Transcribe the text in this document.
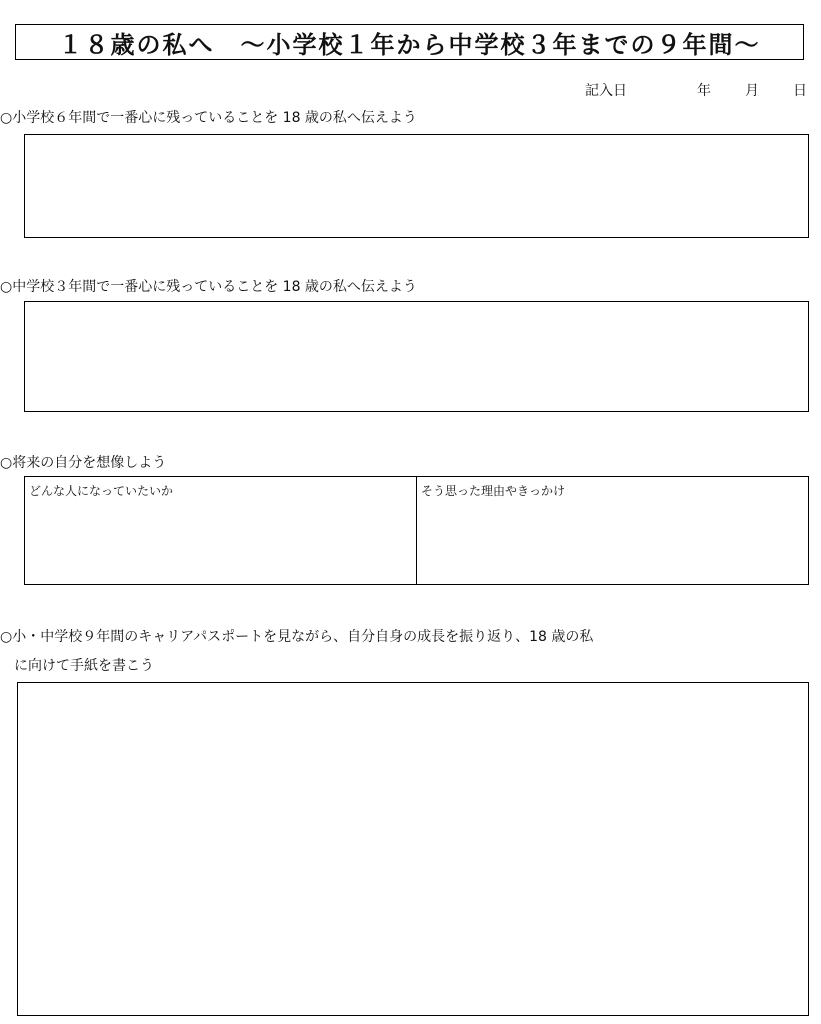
１８歳の私へ　～小学校１年から中学校３年までの９年間～
記入日	年 月 日
○小学校６年間で一番心に残っていることを 18 歳の私へ伝えよう
○中学校３年間で一番心に残っていることを 18 歳の私へ伝えよう
○将来の自分を想像しよう
どんな人になっていたいか	そう思った理由やきっかけ
○小・中学校９年間のキャリアパスポートを見ながら、自分自身の成長を振り返り、18 歳の私
　に向けて手紙を書こう
